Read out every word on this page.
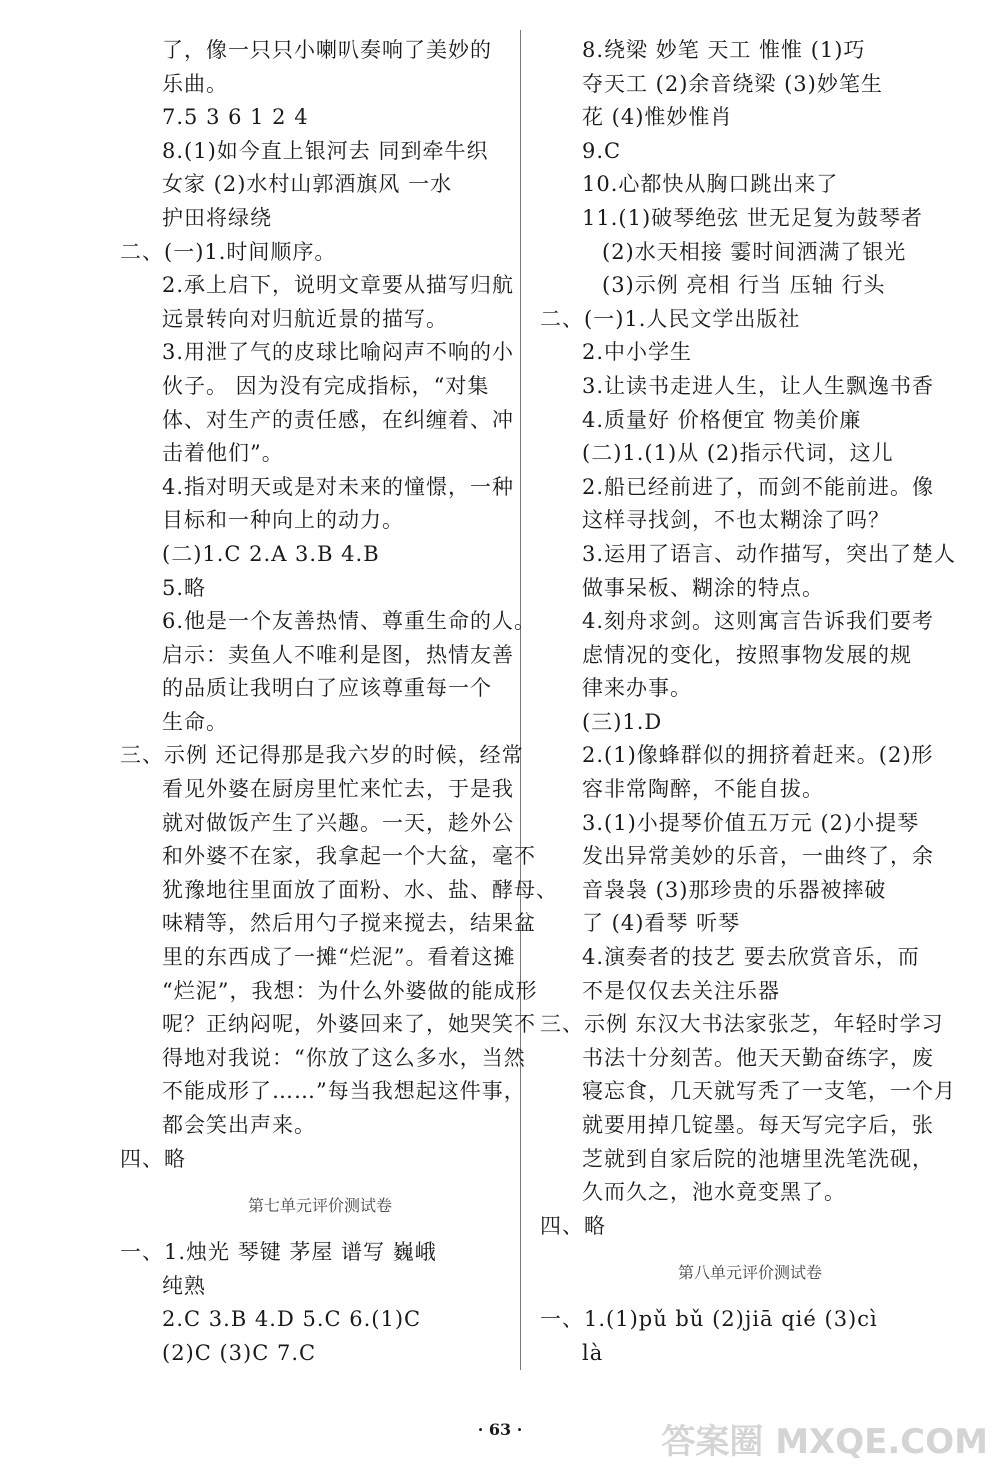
了，像一只只小喇叭奏响了美妙的
乐曲。
7.5 3 6 1 2 4
8.(1)如今直上银河去 同到牵牛织
女家 (2)水村山郭酒旗风 一水
护田将绿绕
二、(一)1.时间顺序。
2.承上启下，说明文章要从描写归航
远景转向对归航近景的描写。
3.用泄了气的皮球比喻闷声不响的小
伙子。 因为没有完成指标，“对集
体、对生产的责任感，在纠缠着、冲
击着他们”。
4.指对明天或是对未来的憧憬，一种
目标和一种向上的动力。
(二)1.C 2.A 3.B 4.B
5.略
6.他是一个友善热情、尊重生命的人。
启示：卖鱼人不唯利是图，热情友善
的品质让我明白了应该尊重每一个
生命。
三、示例 还记得那是我六岁的时候，经常
看见外婆在厨房里忙来忙去，于是我
就对做饭产生了兴趣。一天，趁外公
和外婆不在家，我拿起一个大盆，毫不
犹豫地往里面放了面粉、水、盐、酵母、
味精等，然后用勺子搅来搅去，结果盆
里的东西成了一摊“烂泥”。看着这摊
“烂泥”，我想：为什么外婆做的能成形
呢？正纳闷呢，外婆回来了，她哭笑不
得地对我说：“你放了这么多水，当然
不能成形了……”每当我想起这件事，
都会笑出声来。
四、略
第七单元评价测试卷
一、1.烛光 琴键 茅屋 谱写 巍峨
纯熟
2.C 3.B 4.D 5.C 6.(1)C
(2)C (3)C 7.C
8.绕梁 妙笔 天工 惟惟 (1)巧
夺天工 (2)余音绕梁 (3)妙笔生
花 (4)惟妙惟肖
9.C
10.心都快从胸口跳出来了
11.(1)破琴绝弦 世无足复为鼓琴者
(2)水天相接 霎时间洒满了银光
(3)示例 亮相 行当 压轴 行头
二、(一)1.人民文学出版社
2.中小学生
3.让读书走进人生，让人生飘逸书香
4.质量好 价格便宜 物美价廉
(二)1.(1)从 (2)指示代词，这儿
2.船已经前进了，而剑不能前进。像
这样寻找剑，不也太糊涂了吗？
3.运用了语言、动作描写，突出了楚人
做事呆板、糊涂的特点。
4.刻舟求剑。这则寓言告诉我们要考
虑情况的变化，按照事物发展的规
律来办事。
(三)1.D
2.(1)像蜂群似的拥挤着赶来。(2)形
容非常陶醉，不能自拔。
3.(1)小提琴价值五万元 (2)小提琴
发出异常美妙的乐音，一曲终了，余
音袅袅 (3)那珍贵的乐器被摔破
了 (4)看琴 听琴
4.演奏者的技艺 要去欣赏音乐，而
不是仅仅去关注乐器
三、示例 东汉大书法家张芝，年轻时学习
书法十分刻苦。他天天勤奋练字，废
寝忘食，几天就写秃了一支笔，一个月
就要用掉几锭墨。每天写完字后，张
芝就到自家后院的池塘里洗笔洗砚，
久而久之，池水竟变黑了。
四、略
第八单元评价测试卷
一、1.(1)pǔ bǔ (2)jiā qié (3)cì
là
· 63 ·	答案圈 MXQE.COM
